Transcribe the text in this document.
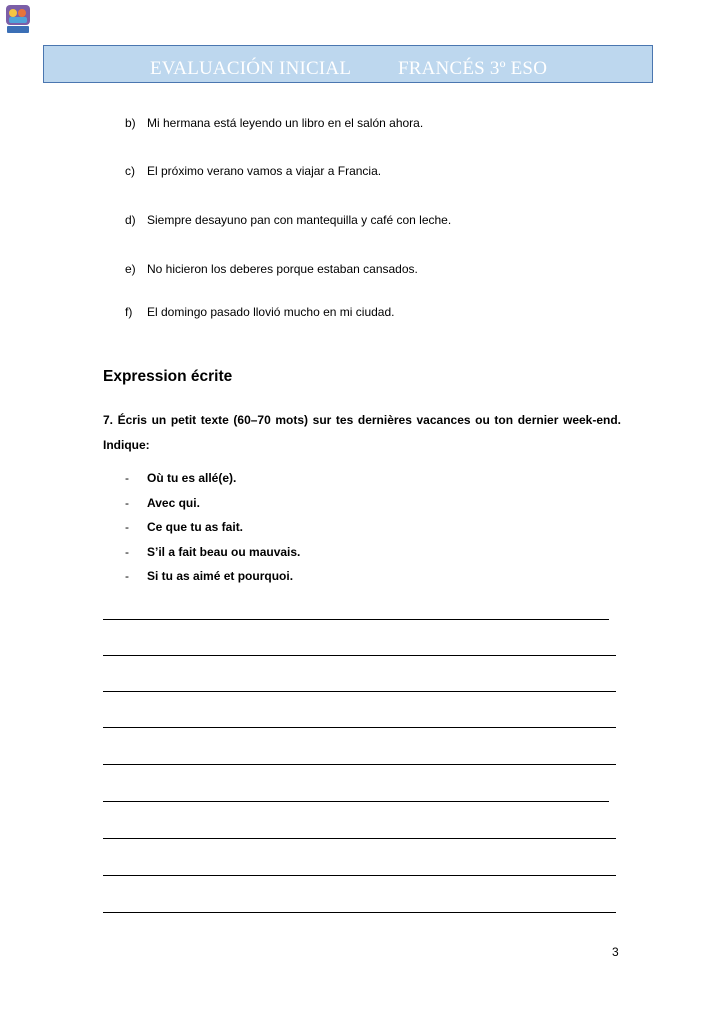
EVALUACIÓN INICIAL FRANCÉS 3º ESO
b) Mi hermana está leyendo un libro en el salón ahora.
c) El próximo verano vamos a viajar a Francia.
d) Siempre desayuno pan con mantequilla y café con leche.
e) No hicieron los deberes porque estaban cansados.
f) El domingo pasado llovió mucho en mi ciudad.
Expression écrite
7. Écris un petit texte (60–70 mots) sur tes dernières vacances ou ton dernier week-end. Indique:
- Où tu es allé(e).
- Avec qui.
- Ce que tu as fait.
- S’il a fait beau ou mauvais.
- Si tu as aimé et pourquoi.
3
